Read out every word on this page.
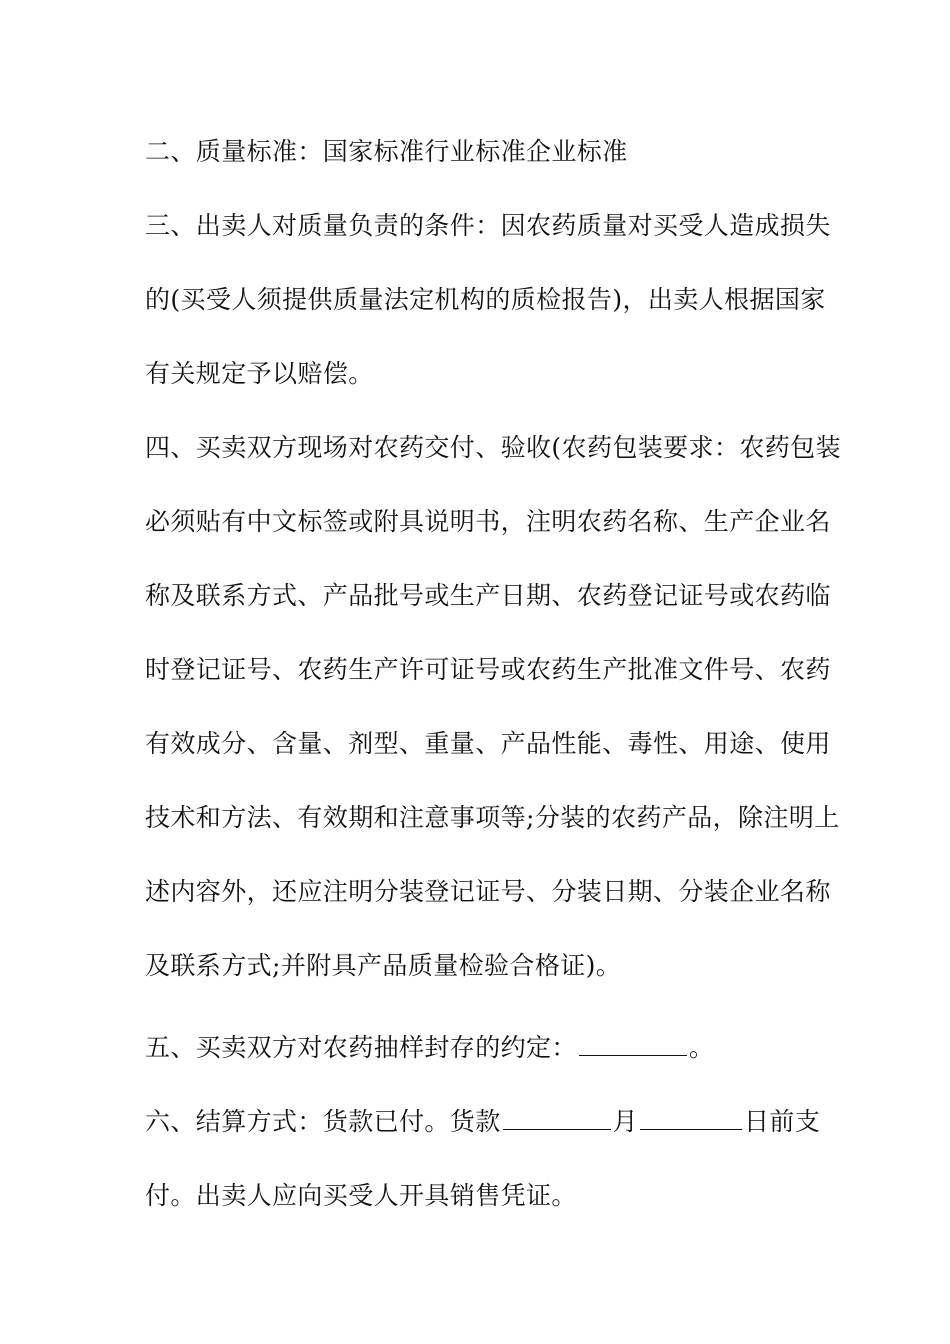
二、质量标准：国家标准行业标准企业标准
三、出卖人对质量负责的条件：因农药质量对买受人造成损失
的(买受人须提供质量法定机构的质检报告)，出卖人根据国家
有关规定予以赔偿。
四、买卖双方现场对农药交付、验收(农药包装要求：农药包装
必须贴有中文标签或附具说明书，注明农药名称、生产企业名
称及联系方式、产品批号或生产日期、农药登记证号或农药临
时登记证号、农药生产许可证号或农药生产批准文件号、农药
有效成分、含量、剂型、重量、产品性能、毒性、用途、使用
技术和方法、有效期和注意事项等;分装的农药产品，除注明上
述内容外，还应注明分装登记证号、分装日期、分装企业名称
及联系方式;并附具产品质量检验合格证)。
五、买卖双方对农药抽样封存的约定：	。
六、结算方式：货款已付。货款	月	日前支
付。出卖人应向买受人开具销售凭证。
